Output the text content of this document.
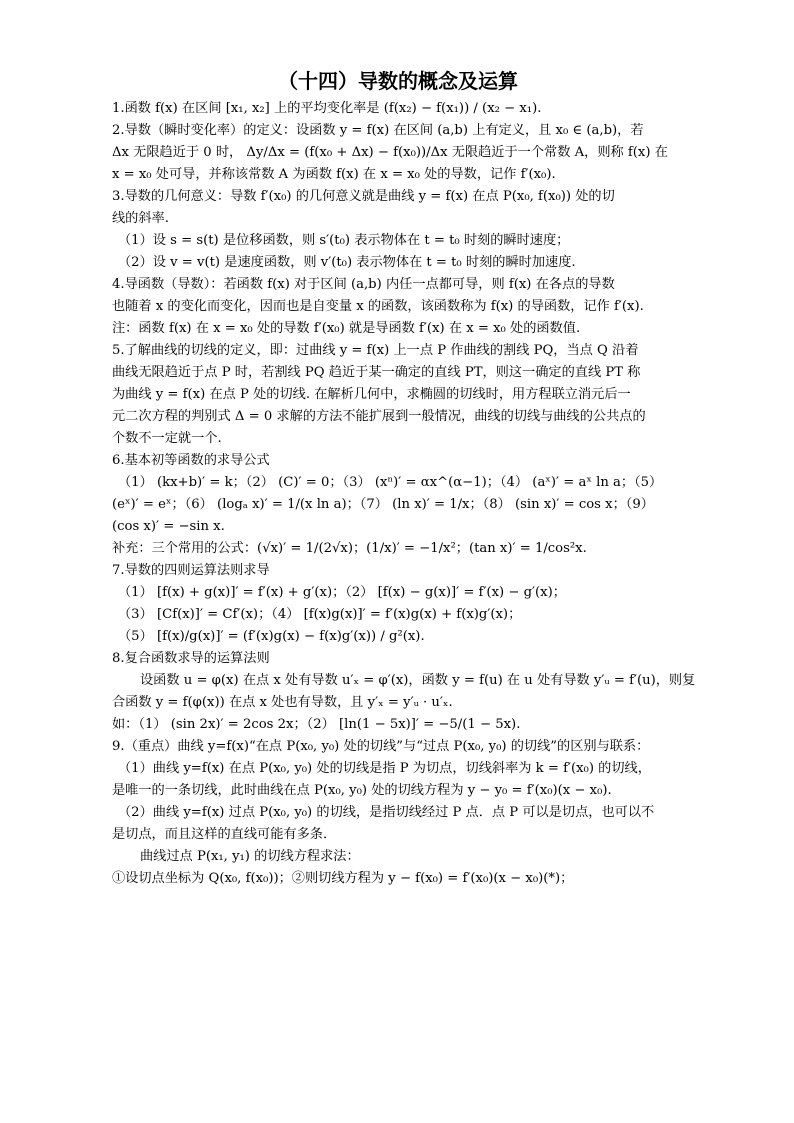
（十四）导数的概念及运算
1.函数 f(x) 在区间 [x₁, x₂] 上的平均变化率是 (f(x₂) − f(x₁)) / (x₂ − x₁).
2.导数（瞬时变化率）的定义：设函数 y = f(x) 在区间 (a,b) 上有定义，且 x₀ ∈ (a,b)，若
Δx 无限趋近于 0 时， Δy/Δx = (f(x₀ + Δx) − f(x₀))/Δx 无限趋近于一个常数 A，则称 f(x) 在
x = x₀ 处可导，并称该常数 A 为函数 f(x) 在 x = x₀ 处的导数，记作 f′(x₀).
3.导数的几何意义：导数 f′(x₀) 的几何意义就是曲线 y = f(x) 在点 P(x₀, f(x₀)) 处的切
线的斜率.
（1）设 s = s(t) 是位移函数，则 s′(t₀) 表示物体在 t = t₀ 时刻的瞬时速度；
（2）设 v = v(t) 是速度函数，则 v′(t₀) 表示物体在 t = t₀ 时刻的瞬时加速度.
4.导函数（导数）：若函数 f(x) 对于区间 (a,b) 内任一点都可导，则 f(x) 在各点的导数
也随着 x 的变化而变化，因而也是自变量 x 的函数，该函数称为 f(x) 的导函数，记作 f′(x).
注：函数 f(x) 在 x = x₀ 处的导数 f′(x₀) 就是导函数 f′(x) 在 x = x₀ 处的函数值.
5.了解曲线的切线的定义，即：过曲线 y = f(x) 上一点 P 作曲线的割线 PQ，当点 Q 沿着
曲线无限趋近于点 P 时，若割线 PQ 趋近于某一确定的直线 PT，则这一确定的直线 PT 称
为曲线 y = f(x) 在点 P 处的切线. 在解析几何中，求椭圆的切线时，用方程联立消元后一
元二次方程的判别式 Δ = 0 求解的方法不能扩展到一般情况，曲线的切线与曲线的公共点的
个数不一定就一个.
6.基本初等函数的求导公式
（1） (kx+b)′ = k；（2） (C)′ = 0；（3） (xⁿ)′ = αx^(α−1)；（4） (aˣ)′ = aˣ ln a；（5）
(eˣ)′ = eˣ；（6） (logₐ x)′ = 1/(x ln a)；（7） (ln x)′ = 1/x；（8） (sin x)′ = cos x；（9）
(cos x)′ = −sin x.
补充：三个常用的公式：(√x)′ = 1/(2√x)；(1/x)′ = −1/x²；(tan x)′ = 1/cos²x.
7.导数的四则运算法则求导
（1） [f(x) + g(x)]′ = f′(x) + g′(x)；（2） [f(x) − g(x)]′ = f′(x) − g′(x)；
（3） [Cf(x)]′ = Cf′(x)；（4） [f(x)g(x)]′ = f′(x)g(x) + f(x)g′(x)；
（5） [f(x)/g(x)]′ = (f′(x)g(x) − f(x)g′(x)) / g²(x).
8.复合函数求导的运算法则
设函数 u = φ(x) 在点 x 处有导数 u′ₓ = φ′(x)，函数 y = f(u) 在 u 处有导数 y′ᵤ = f′(u)，则复
合函数 y = f(φ(x)) 在点 x 处也有导数，且 y′ₓ = y′ᵤ · u′ₓ.
如：（1） (sin 2x)′ = 2cos 2x；（2） [ln(1 − 5x)]′ = −5/(1 − 5x).
9.（重点）曲线 y=f(x)“在点 P(x₀, y₀) 处的切线”与“过点 P(x₀, y₀) 的切线”的区别与联系：
（1）曲线 y=f(x) 在点 P(x₀, y₀) 处的切线是指 P 为切点，切线斜率为 k = f′(x₀) 的切线，
是唯一的一条切线，此时曲线在点 P(x₀, y₀) 处的切线方程为 y − y₀ = f′(x₀)(x − x₀).
（2）曲线 y=f(x) 过点 P(x₀, y₀) 的切线，是指切线经过 P 点．点 P 可以是切点，也可以不
是切点，而且这样的直线可能有多条．
曲线过点 P(x₁, y₁) 的切线方程求法：
①设切点坐标为 Q(x₀, f(x₀))；②则切线方程为 y − f(x₀) = f′(x₀)(x − x₀)(*)；
